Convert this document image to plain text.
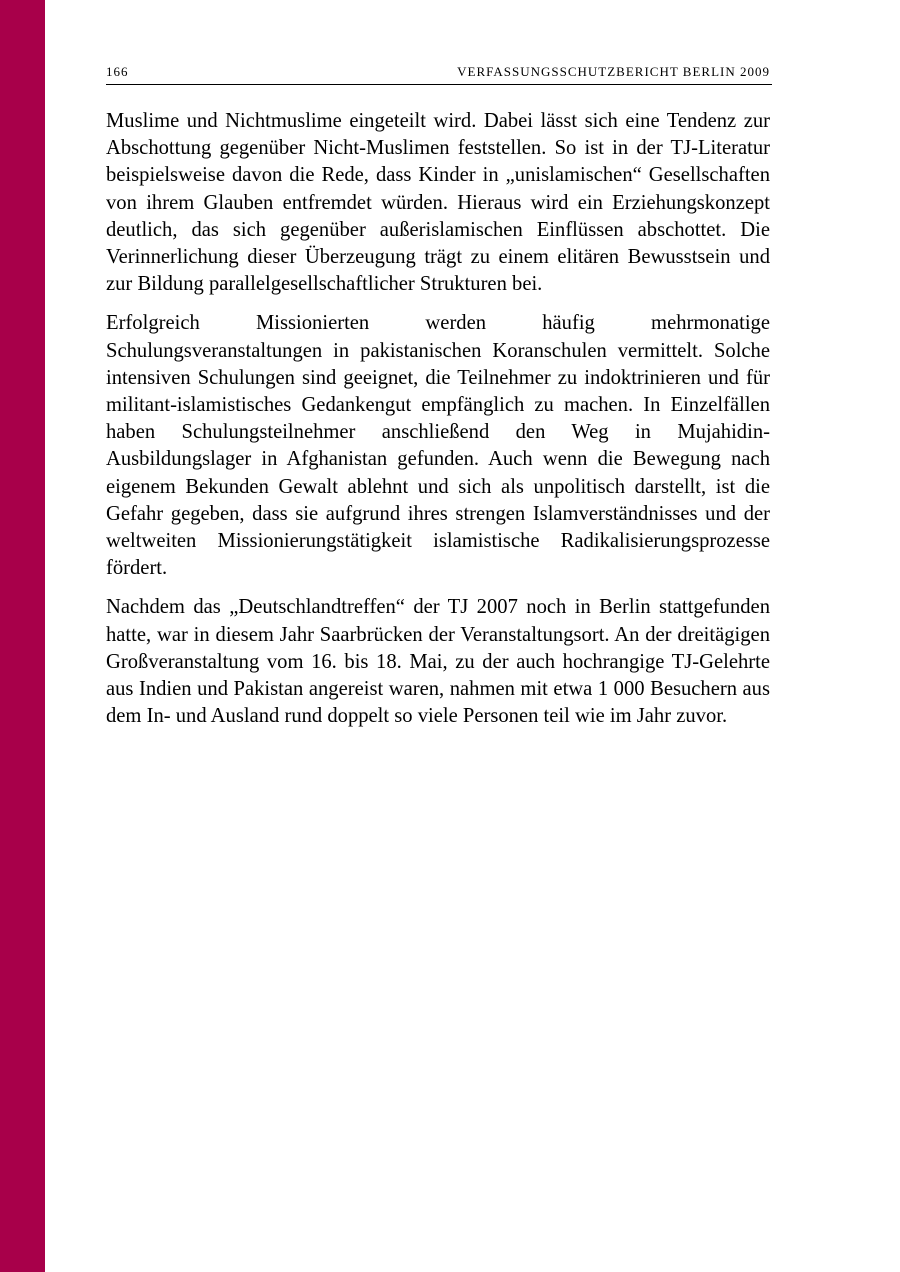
166	VERFASSUNGSSCHUTZBERICHT BERLIN 2009

Muslime und Nichtmuslime eingeteilt wird. Dabei lässt sich eine Tendenz zur Abschottung gegenüber Nicht-Muslimen feststellen. So ist in der TJ-Literatur beispielsweise davon die Rede, dass Kinder in „unislamischen“ Gesellschaften von ihrem Glauben entfremdet würden. Hieraus wird ein Erziehungskonzept deutlich, das sich gegenüber außerislamischen Einflüssen abschottet. Die Verinnerlichung dieser Überzeugung trägt zu einem elitären Bewusstsein und zur Bildung parallelgesellschaftlicher Strukturen bei.

Erfolgreich Missionierten werden häufig mehrmonatige Schulungsveranstaltungen in pakistanischen Koranschulen vermittelt. Solche intensiven Schulungen sind geeignet, die Teilnehmer zu indoktrinieren und für militant-islamistisches Gedankengut empfänglich zu machen. In Einzelfällen haben Schulungsteilnehmer anschließend den Weg in Mujahidin-Ausbildungslager in Afghanistan gefunden. Auch wenn die Bewegung nach eigenem Bekunden Gewalt ablehnt und sich als unpolitisch darstellt, ist die Gefahr gegeben, dass sie aufgrund ihres strengen Islamverständnisses und der weltweiten Missionierungstätigkeit islamistische Radikalisierungsprozesse fördert.

Nachdem das „Deutschlandtreffen“ der TJ 2007 noch in Berlin stattgefunden hatte, war in diesem Jahr Saarbrücken der Veranstaltungsort. An der dreitägigen Großveranstaltung vom 16. bis 18. Mai, zu der auch hochrangige TJ-Gelehrte aus Indien und Pakistan angereist waren, nahmen mit etwa 1 000 Besuchern aus dem In- und Ausland rund doppelt so viele Personen teil wie im Jahr zuvor.
